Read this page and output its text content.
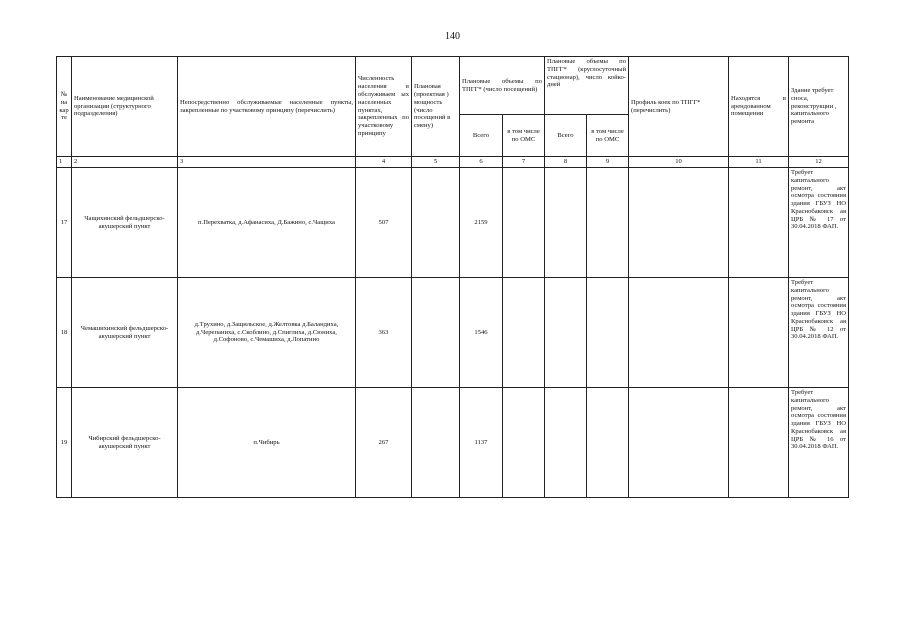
140
№ на кар те	Наименование медицинской организации (структурного подразделения)	Непосредственно обслуживаемые населенные пункты, закрепленные по участковому принципу (перечислить)	Численность населения в обслуживаем ых населенных пунктах, закрепленных по участковому принципу	Плановая (проектная ) мощность (число посещений в смену)	Плановые объемы по ТПГГ* (число посещений)		Плановые объемы по ТПГГ* (круглосуточный стационар), число койко-дней		Профиль коек по ТПГГ* (перечислить)	Находятся в арендованном помещении	Здание требует сноса, реконструкции , капитального ремонта
					Всего	в том числе по ОМС	Всего	в том числе по ОМС			
1	2	3	4	5	6	7	8	9	10	11	12
17	Чащихинский фельдшерско-акушерский пункт	п.Перехватка, д.Афанасиха, Д.Бажино, с.Чащиха	507		2159						Требует капитального ремонт, акт осмотра состояния здания ГБУЗ НО Краснобаковск ая ЦРБ № 17 от 30.04.2018 ФАП.
18	Чемашихинский фельдшерско-акушерский пункт	д.Трухино, д.Защильское, д.Желтовка д.Баландиха, д.Черепаниха, с.Скоблино, д.Спиглиха, д.Сюниха, д.Софоново, с.Чемашиха, д.Лопатино	363		1546						Требует капитального ремонт, акт осмотра состояния здания ГБУЗ НО Краснобаковск ая ЦРБ № 12 от 30.04.2018 ФАП.
19	Чибирский фельдшерско-акушерский пункт	п.Чибирь	267		1137						Требует капитального ремонт, акт осмотра состояния здания ГБУЗ НО Краснобаковск ая ЦРБ № 16 от 30.04.2018 ФАП.
